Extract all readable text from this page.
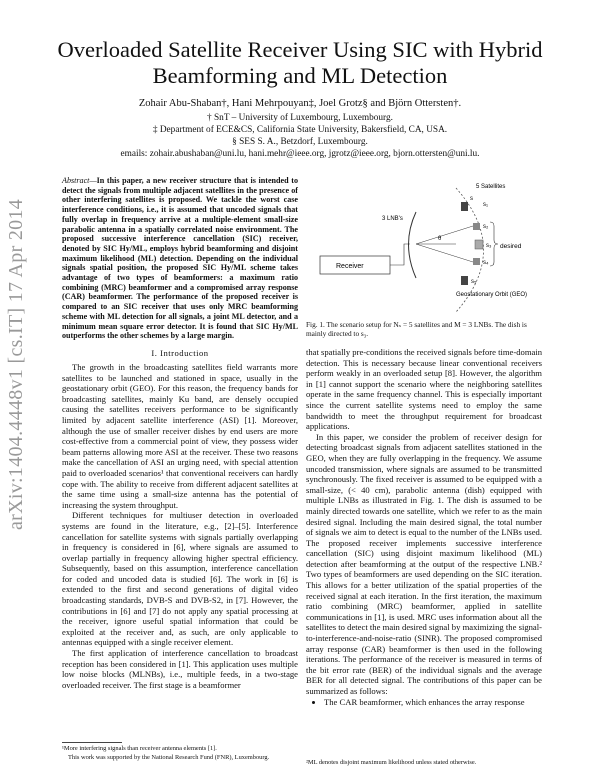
Overloaded Satellite Receiver Using SIC with Hybrid Beamforming and ML Detection
Zohair Abu-Shaban†, Hani Mehrpouyan‡, Joel Grotz§ and Björn Ottersten†.
† SnT – University of Luxembourg, Luxembourg.
‡ Department of ECE&CS, California State University, Bakersfield, CA, USA.
§ SES S. A., Betzdorf, Luxembourg.
emails: zohair.abushaban@uni.lu, hani.mehr@ieee.org, jgrotz@ieee.org, bjorn.ottersten@uni.lu.
arXiv:1404.4448v1 [cs.IT] 17 Apr 2014
Abstract—In this paper, a new receiver structure that is intended to detect the signals from multiple adjacent satellites in the presence of other interfering satellites is proposed. We tackle the worst case interference conditions, i.e., it is assumed that uncoded signals that fully overlap in frequency arrive at a multiple-element small-size parabolic antenna in a spatially correlated noise environment. The proposed successive interference cancellation (SIC) receiver, denoted by SIC Hy/ML, employs hybrid beamforming and disjoint maximum likelihood (ML) detection. Depending on the individual signals spatial position, the proposed SIC Hy/ML scheme takes advantage of two types of beamformers: a maximum ratio combining (MRC) beamformer and a compromised array response (CAR) beamformer. The performance of the proposed receiver is compared to an SIC receiver that uses only MRC beamforming scheme with ML detection for all signals, a joint ML detector, and a minimum mean square error detector. It is found that SIC Hy/ML outperforms the other schemes by a large margin.
I. Introduction

The growth in the broadcasting satellites field warrants more satellites to be launched and stationed in space, usually in the geostationary orbit (GEO). For this reason, the frequency bands for broadcasting satellites, mainly Ku band, are densely occupied causing the satellites receivers performance to be significantly limited by adjacent satellite interference (ASI) [1]. Moreover, although the use of smaller receiver dishes by end users are more cost-effective from a commercial point of view, they possess wider beam patterns allowing more ASI at the receiver. These two reasons make the cancellation of ASI an urging need, with special attention paid to overloaded scenarios¹ that conventional receivers can hardly cope with. The ability to receive from different adjacent satellites at the same time using a small-size antenna has the potential of increasing the system throughput.

Different techniques for multiuser detection in overloaded systems are found in the literature, e.g., [2]–[5]. Interference cancellation for satellite systems with signals partially overlapping in frequency is considered in [6], where signals are assumed to overlap partially in frequency allowing higher spectral efficiency. Subsequently, based on this assumption, interference cancellation for coded and uncoded data is studied [6]. The work in [6] is extended to the first and second generations of digital video broadcasting standards, DVB-S and DVB-S2, in [7]. However, the contributions in [6] and [7] do not apply any spatial processing at the receiver, ignore useful spatial information that could be exploited at the receiver and, as such, are only applicable to antennas equipped with a single receiver element.

The first application of interference cancellation to broadcast reception has been considered in [1]. This application uses multiple low noise blocks (MLNBs), i.e., multiple feeds, in a two-stage overloaded receiver. The first stage is a beamformer

¹More interfering signals than receiver antenna elements [1].
This work was supported by the National Research Fund (FNR), Luxembourg.
s
s₁
s₂
s₃
s₄
s₅
desired
5 Satellites
θ
3 LNB's
Receiver
Geostationary Orbit (GEO)
Fig. 1. The scenario setup for Nₛ = 5 satellites and M = 3 LNBs. The dish is mainly directed to s₃.

that spatially pre-conditions the received signals before time-domain detection. This is necessary because linear conventional receivers perform weakly in an overloaded setup [8]. However, the algorithm in [1] cannot support the scenario where the neighboring satellites operate in the same frequency channel. This is especially important since the current satellite systems need to employ the same bandwidth to meet the throughput requirement for broadcast applications.

In this paper, we consider the problem of receiver design for detecting broadcast signals from adjacent satellites stationed in the GEO, when they are fully overlapping in the frequency. We assume uncoded transmission, where signals are assumed to be transmitted synchronously. The fixed receiver is assumed to be equipped with a small-size, (< 40 cm), parabolic antenna (dish) equipped with multiple LNBs as illustrated in Fig. 1. The dish is assumed to be mainly directed towards one satellite, which we refer to as the main desired signal. Including the main desired signal, the total number of signals we aim to detect is equal to the number of the LNBs used. The proposed receiver implements successive interference cancellation (SIC) using disjoint maximum likelihood (ML) detection after beamforming at the output of the respective LNB.² Two types of beamformers are used depending on the SIC iteration. This allows for a better utilization of the spatial properties of the received signal at each iteration. In the first iteration, the maximum ratio combining (MRC) beamformer, applied in satellite communications in [1], is used. MRC uses information about all the satellites to detect the main desired signal by maximizing the signal-to-interference-and-noise-ratio (SINR). The proposed compromised array response (CAR) beamformer is then used in the following iterations. The performance of the receiver is measured in terms of the bit error rate (BER) of the individual signals and the average BER for all detected signal. The contributions of this paper can be summarized as follows:

• The CAR beamformer, which enhances the array response
²ML denotes disjoint maximum likelihood unless stated otherwise.
